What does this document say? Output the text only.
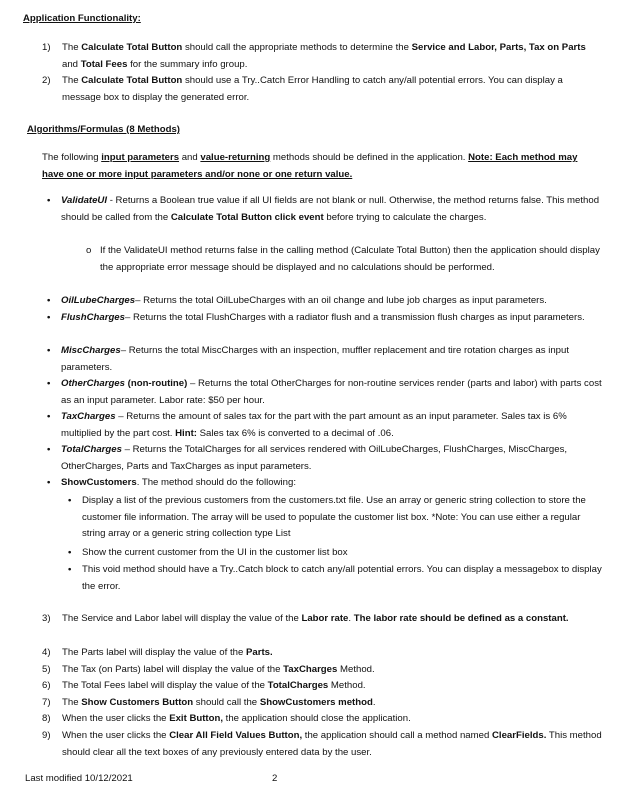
Application Functionality:
1) The Calculate Total Button should call the appropriate methods to determine the Service and Labor, Parts, Tax on Parts and Total Fees for the summary info group.
2) The Calculate Total Button should use a Try..Catch Error Handling to catch any/all potential errors. You can display a message box to display the generated error.
Algorithms/Formulas (8 Methods)
The following input parameters and value-returning methods should be defined in the application. Note: Each method may have one or more input parameters and/or none or one return value.
• ValidateUI - Returns a Boolean true value if all UI fields are not blank or null. Otherwise, the method returns false. This method should be called from the Calculate Total Button click event before trying to calculate the charges.
o If the ValidateUI method returns false in the calling method (Calculate Total Button) then the application should display the appropriate error message should be displayed and no calculations should be performed.
• OilLubeCharges– Returns the total OilLubeCharges with an oil change and lube job charges as input parameters.
• FlushCharges– Returns the total FlushCharges with a radiator flush and a transmission flush charges as input parameters.
• MiscCharges– Returns the total MiscCharges with an inspection, muffler replacement and tire rotation charges as input parameters.
• OtherCharges (non-routine) – Returns the total OtherCharges for non-routine services render (parts and labor) with parts cost as an input parameter. Labor rate: $50 per hour.
• TaxCharges – Returns the amount of sales tax for the part with the part amount as an input parameter. Sales tax is 6% multiplied by the part cost. Hint: Sales tax 6% is converted to a decimal of .06.
• TotalCharges – Returns the TotalCharges for all services rendered with OilLubeCharges, FlushCharges, MiscCharges, OtherCharges, Parts and TaxCharges as input parameters.
• ShowCustomers. The method should do the following:
• Display a list of the previous customers from the customers.txt file. Use an array or generic string collection to store the customer file information. The array will be used to populate the customer list box. *Note: You can use either a regular string array or a generic string collection type List
• Show the current customer from the UI in the customer list box
• This void method should have a Try..Catch block to catch any/all potential errors. You can display a messagebox to display the error.
3) The Service and Labor label will display the value of the Labor rate. The labor rate should be defined as a constant.
4) The Parts label will display the value of the Parts.
5) The Tax (on Parts) label will display the value of the TaxCharges Method.
6) The Total Fees label will display the value of the TotalCharges Method.
7) The Show Customers Button should call the ShowCustomers method.
8) When the user clicks the Exit Button, the application should close the application.
9) When the user clicks the Clear All Field Values Button, the application should call a method named ClearFields. This method should clear all the text boxes of any previously entered data by the user.
Last modified 10/12/2021	2
